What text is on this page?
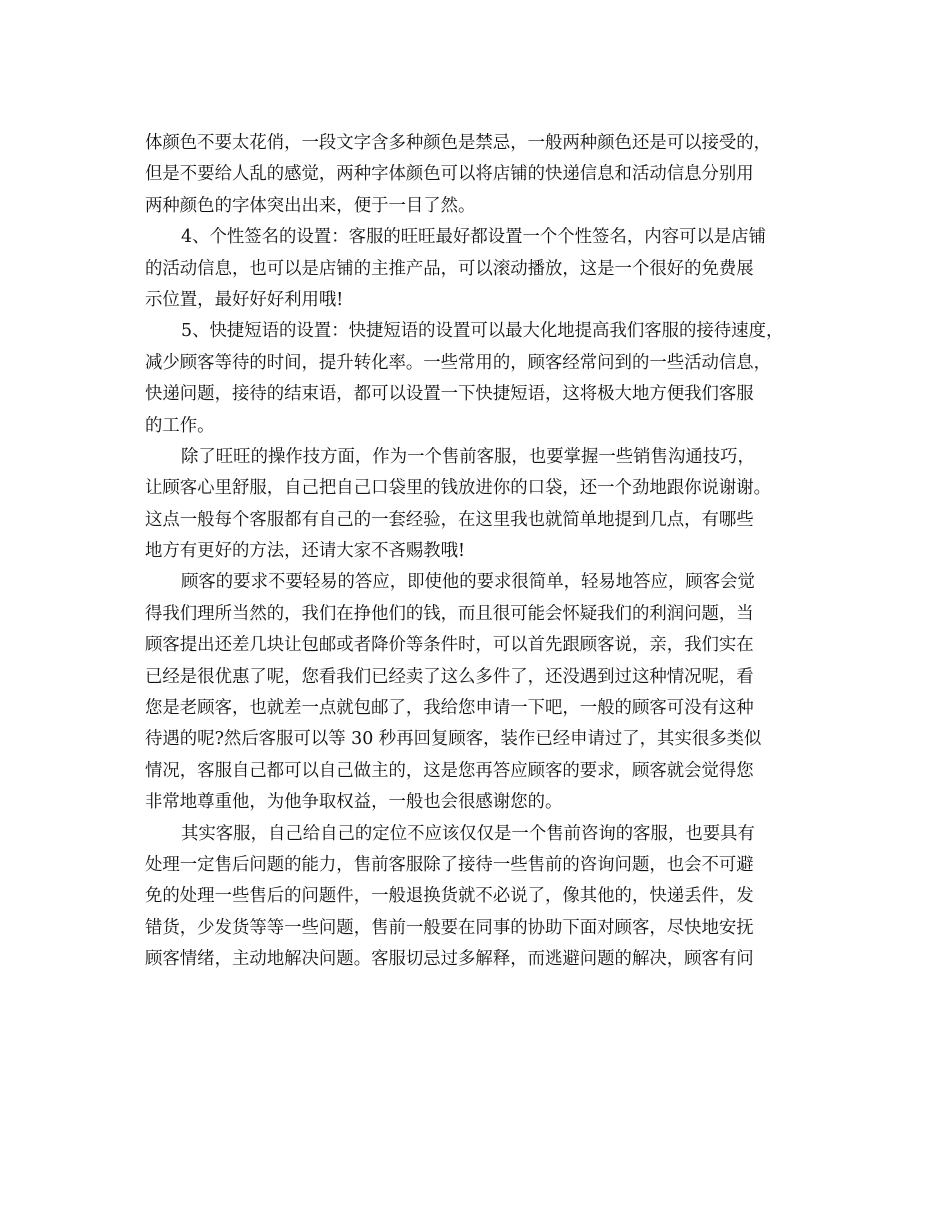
体颜色不要太花俏，一段文字含多种颜色是禁忌，一般两种颜色还是可以接受的，
但是不要给人乱的感觉，两种字体颜色可以将店铺的快递信息和活动信息分别用
两种颜色的字体突出出来，便于一目了然。
4、个性签名的设置：客服的旺旺最好都设置一个个性签名，内容可以是店铺
的活动信息，也可以是店铺的主推产品，可以滚动播放，这是一个很好的免费展
示位置，最好好好利用哦!
5、快捷短语的设置：快捷短语的设置可以最大化地提高我们客服的接待速度，
减少顾客等待的时间，提升转化率。一些常用的，顾客经常问到的一些活动信息，
快递问题，接待的结束语，都可以设置一下快捷短语，这将极大地方便我们客服
的工作。
除了旺旺的操作技方面，作为一个售前客服，也要掌握一些销售沟通技巧，
让顾客心里舒服，自己把自己口袋里的钱放进你的口袋，还一个劲地跟你说谢谢。
这点一般每个客服都有自己的一套经验，在这里我也就简单地提到几点，有哪些
地方有更好的方法，还请大家不吝赐教哦!
顾客的要求不要轻易的答应，即使他的要求很简单，轻易地答应，顾客会觉
得我们理所当然的，我们在挣他们的钱，而且很可能会怀疑我们的利润问题，当
顾客提出还差几块让包邮或者降价等条件时，可以首先跟顾客说，亲，我们实在
已经是很优惠了呢，您看我们已经卖了这么多件了，还没遇到过这种情况呢，看
您是老顾客，也就差一点就包邮了，我给您申请一下吧，一般的顾客可没有这种
待遇的呢?然后客服可以等 30 秒再回复顾客，装作已经申请过了，其实很多类似
情况，客服自己都可以自己做主的，这是您再答应顾客的要求，顾客就会觉得您
非常地尊重他，为他争取权益，一般也会很感谢您的。
其实客服，自己给自己的定位不应该仅仅是一个售前咨询的客服，也要具有
处理一定售后问题的能力，售前客服除了接待一些售前的咨询问题，也会不可避
免的处理一些售后的问题件，一般退换货就不必说了，像其他的，快递丢件，发
错货，少发货等等一些问题，售前一般要在同事的协助下面对顾客，尽快地安抚
顾客情绪，主动地解决问题。客服切忌过多解释，而逃避问题的解决，顾客有问
